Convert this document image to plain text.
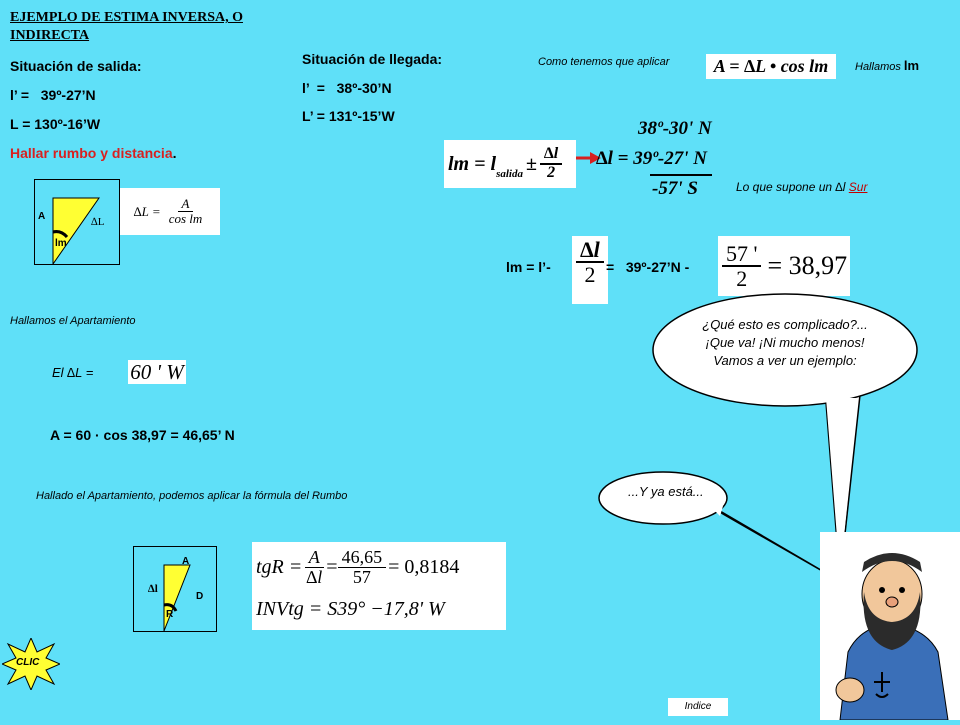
EJEMPLO DE ESTIMA INVERSA, O INDIRECTA
Situación de salida:
l’ =   39º-27’N
L = 130º-16’W
Hallar rumbo y distancia.
Situación de llegada:
l’  =   38º-30’N
L’ = 131º-15’W
A	∆L
lm
$\Delta L = \frac{A}{\text{cos lm}}$
Como tenemos que aplicar	A = ∆L • cos lm	Hallamos lm
lm = l salida ± $\frac{\Delta l}{2}$
38º-30' N
∆l = 39º-27' N
-57' S	Lo que supone un ∆l Sur
lm = l’- $\frac{\Delta l}{2}$
=   39º-27’N - $\frac{57 '}{2} = 38,97$
Hallamos el Apartamiento
El ∆L = 60 ' W
A = 60 · cos 38,97 = 46,65’ N
Hallado el Apartamiento, podemos aplicar la fórmula del Rumbo
A
∆l
D
R
tgR = $\frac{A}{\Delta l} = \frac{46,65}{57} = 0,8184$
INVtg = S39° −17,8' W
¿Qué esto es complicado?... ¡Que va! ¡Ni mucho menos! Vamos a ver un ejemplo:
...Y ya está...
CLIC
Indice
